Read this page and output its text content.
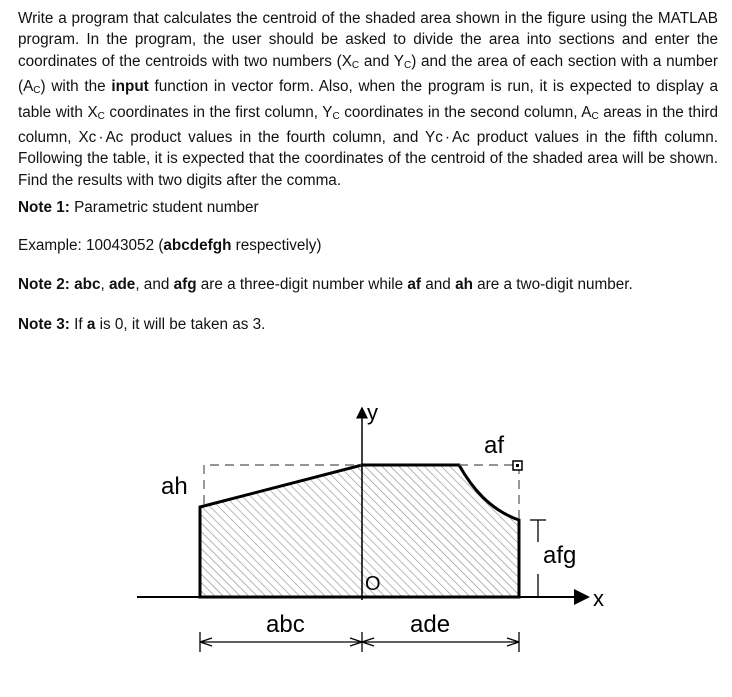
Write a program that calculates the centroid of the shaded area shown in the figure using the MATLAB program. In the program, the user should be asked to divide the area into sections and enter the coordinates of the centroids with two numbers ($X_C$ and $Y_C$) and the area of each section with a number $(A_C)$ with the input function in vector form. Also, when the program is run, it is expected to display a table with $X_C$ coordinates in the first column, $Y_C$ coordinates in the second column, $A_C$ areas in the third column, Xc · Ac product values in the fourth column, and Yc · Ac product values in the fifth column. Following the table, it is expected that the coordinates of the centroid of the shaded area will be shown. Find the results with two digits after the comma.

Note 1: Parametric student number

Example: 10043052 (abcdefgh respectively)

Note 2: abc, ade, and afg are a three-digit number while af and ah are a two-digit number.

Note 3: If a is 0, it will be taken as 3.

y
af
ah
afg
O
x
abc	ade
